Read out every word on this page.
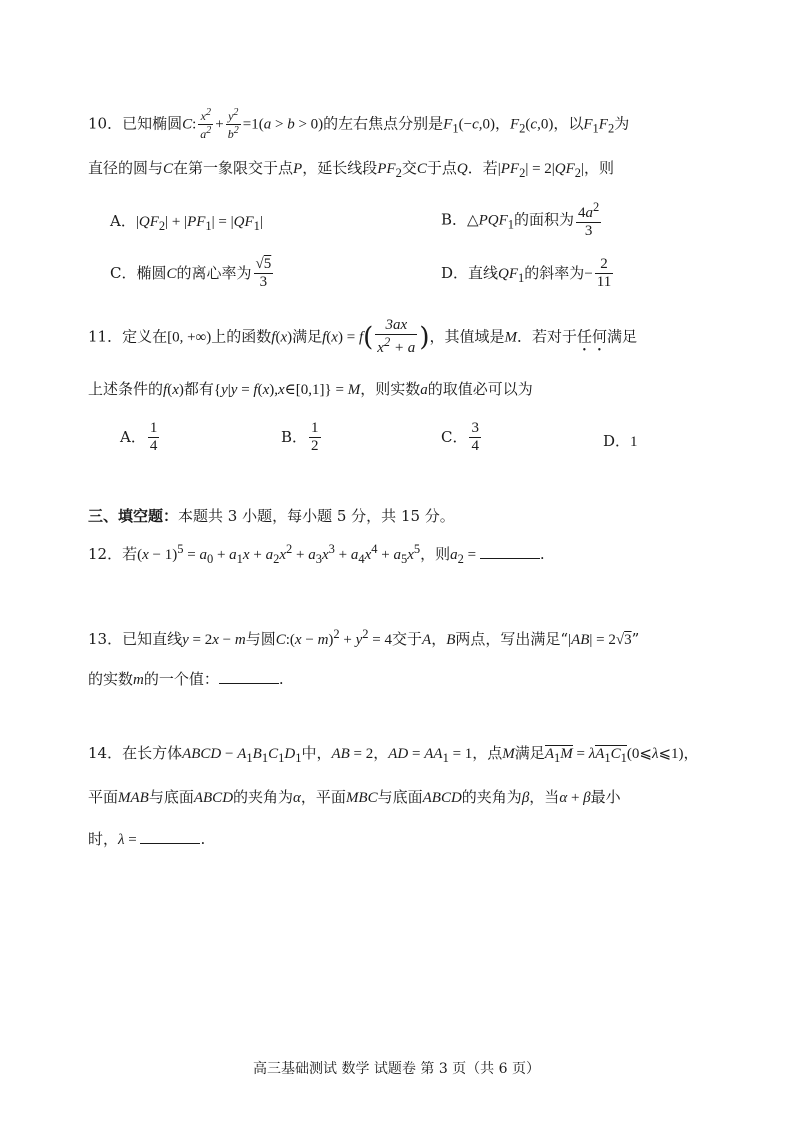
10．已知椭圆C: $\frac{x^2}{a^2} + \frac{y^2}{b^2} =1(a > b > 0)$的左右焦点分别是$F_1(-c,0)$，$F_2(c,0)$，以$F_1F_2$为
直径的圆与C在第一象限交于点P，延长线段$PF_2$交C于点Q．若$|PF_2| = 2|QF_2|$，则
A．$|QF_2| + |PF_1| = |QF_1|$	B．$\triangle PQF_1$的面积为 $\frac{4a^2}{3}$
C．椭圆C的离心率为 $\frac{√5}{3}$	D．直线$QF_1$的斜率为− $\frac{2}{11}$
11．定义在[0, +∞)上的函数f(x)满足$f(x) = f( \frac{3ax}{x^2 + a}$ )，其值域是M．若对于任何满足
上述条件的f(x)都有{y|y = f(x),x∈[0,1]} = M，则实数a的取值必可以为
A． $\frac{1}{4}$	B． $\frac{1}{2}$	C． $\frac{3}{4}$	D．1
三、填空题：本题共 3 小题，每小题 5 分，共 15 分。
12．若$(x - 1)^5 = a_0 + a_1x + a_2x^2 + a_3x^3 + a_4x^4 + a_5x^5$，则$a_2$ =	.
13．已知直线y = 2x − m与圆C:(x − $m)^2 + y^2 = 4$交于A，B两点，写出满足“|AB| = 2√3”
的实数m的一个值：	.
14．在长方体ABCD − $A_1B_1C_1D_1$中，AB = 2，AD = $AA_1 = 1$，点M满足$A_1M$ = $\lambda A_1C_1(0⩽\lambda⩽1)$，
平面MAB与底面ABCD的夹角为α，平面MBC与底面ABCD的夹角为β，当α + β最小
时，λ =	.
高三基础测试 数学 试题卷 第 3 页（共 6 页）
